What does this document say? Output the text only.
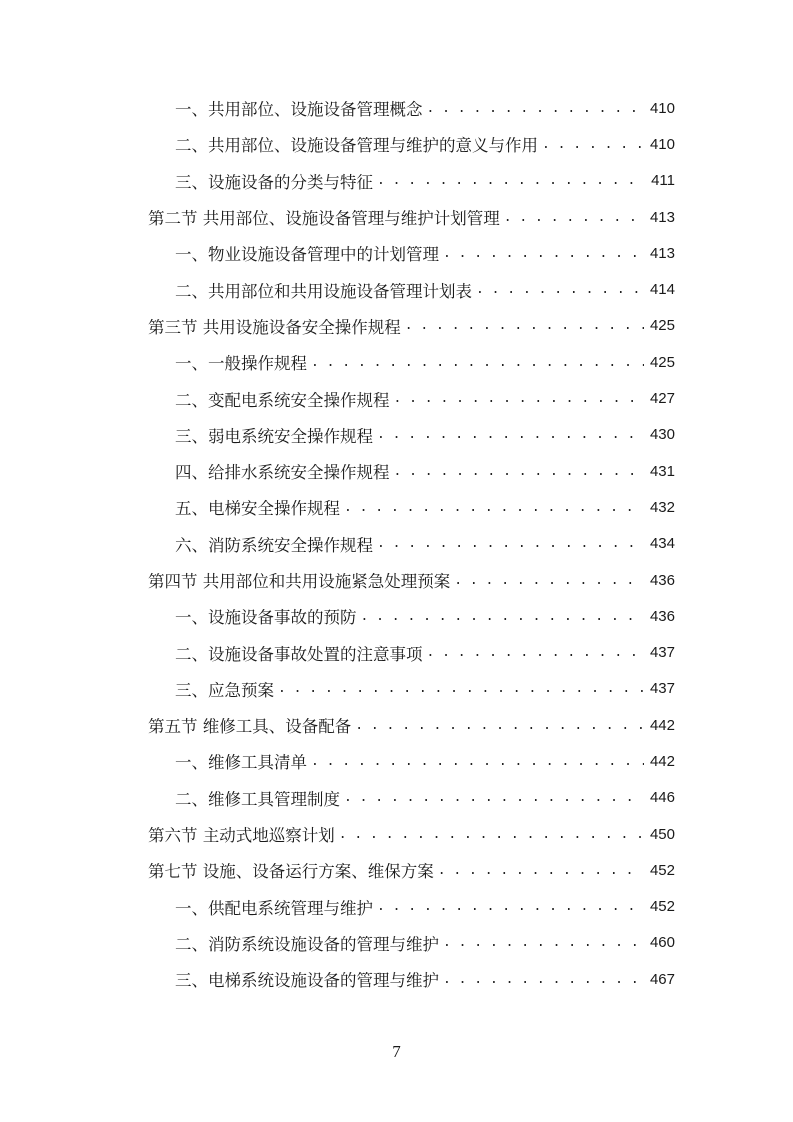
一、共用部位、设施设备管理概念 . . .	410
二、共用部位、设施设备管理与维护的意义与作用 . . .	410
三、设施设备的分类与特征 . . .	411
第二节 共用部位、设施设备管理与维护计划管理 . . .	413
一、物业设施设备管理中的计划管理 . . .	413
二、共用部位和共用设施设备管理计划表 . . .	414
第三节 共用设施设备安全操作规程 . . .	425
一、一般操作规程 . . .	425
二、变配电系统安全操作规程 . . .	427
三、弱电系统安全操作规程 . . .	430
四、给排水系统安全操作规程 . . .	431
五、电梯安全操作规程 . . .	432
六、消防系统安全操作规程 . . .	434
第四节 共用部位和共用设施紧急处理预案 . . .	436
一、设施设备事故的预防 . . .	436
二、设施设备事故处置的注意事项 . . .	437
三、应急预案 . . .	437
第五节 维修工具、设备配备 . . .	442
一、维修工具清单 . . .	442
二、维修工具管理制度 . . .	446
第六节 主动式地巡察计划 . . .	450
第七节 设施、设备运行方案、维保方案 . . .	452
一、供配电系统管理与维护 . . .	452
二、消防系统设施设备的管理与维护 . . .	460
三、电梯系统设施设备的管理与维护 . . .	467
7
